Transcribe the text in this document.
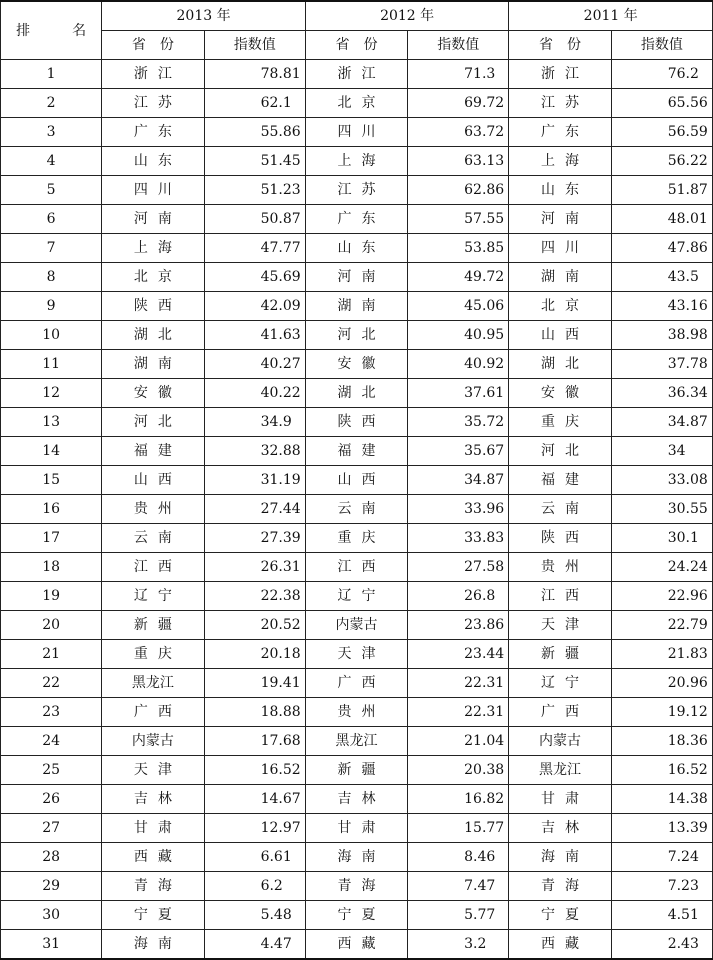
排　名	2013 年		2012 年		2011 年	
	省　份	指数值	省　份	指数值	省　份	指数值
1	浙江	78.81	浙江	71.3	浙江	76.2
2	江苏	62.1	北京	69.72	江苏	65.56
3	广东	55.86	四川	63.72	广东	56.59
4	山东	51.45	上海	63.13	上海	56.22
5	四川	51.23	江苏	62.86	山东	51.87
6	河南	50.87	广东	57.55	河南	48.01
7	上海	47.77	山东	53.85	四川	47.86
8	北京	45.69	河南	49.72	湖南	43.5
9	陕西	42.09	湖南	45.06	北京	43.16
10	湖北	41.63	河北	40.95	山西	38.98
11	湖南	40.27	安徽	40.92	湖北	37.78
12	安徽	40.22	湖北	37.61	安徽	36.34
13	河北	34.9	陕西	35.72	重庆	34.87
14	福建	32.88	福建	35.67	河北	34
15	山西	31.19	山西	34.87	福建	33.08
16	贵州	27.44	云南	33.96	云南	30.55
17	云南	27.39	重庆	33.83	陕西	30.1
18	江西	26.31	江西	27.58	贵州	24.24
19	辽宁	22.38	辽宁	26.8	江西	22.96
20	新疆	20.52	内蒙古	23.86	天津	22.79
21	重庆	20.18	天津	23.44	新疆	21.83
22	黑龙江	19.41	广西	22.31	辽宁	20.96
23	广西	18.88	贵州	22.31	广西	19.12
24	内蒙古	17.68	黑龙江	21.04	内蒙古	18.36
25	天津	16.52	新疆	20.38	黑龙江	16.52
26	吉林	14.67	吉林	16.82	甘肃	14.38
27	甘肃	12.97	甘肃	15.77	吉林	13.39
28	西藏	6.61	海南	8.46	海南	7.24
29	青海	6.2	青海	7.47	青海	7.23
30	宁夏	5.48	宁夏	5.77	宁夏	4.51
31	海南	4.47	西藏	3.2	西藏	2.43
